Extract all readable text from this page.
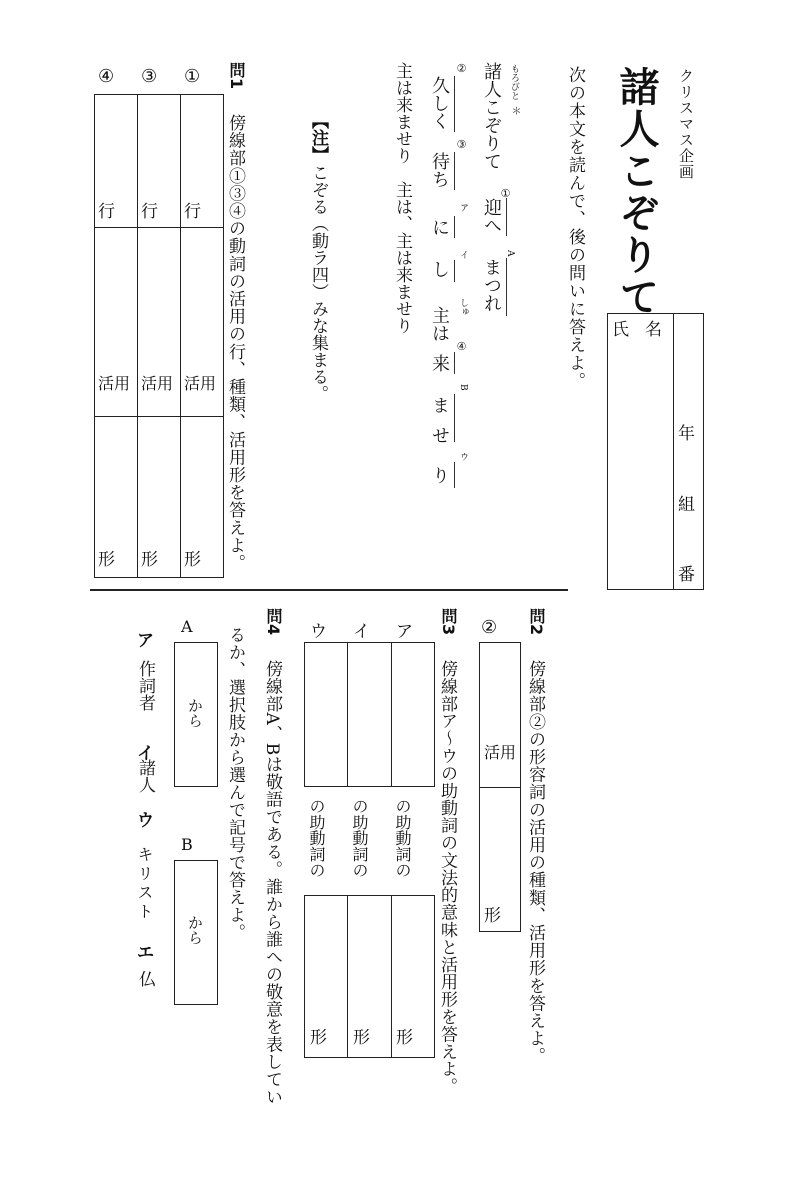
クリスマス企画
諸人こぞりて
次の本文を読んで、後の問いに答えよ。 氏名
年
組
番
もろびと
＊
諸人こぞりて
①
迎へ
A
まつれ
②
久しく
③
待ち
ア
にし イ
しゅ
主は
④
来
B
ませ
ウ
り
主は来ませり　主は、主は来ませり
【注】
こぞる（動ラ四）みな集まる。
問1
傍線部①③④の動詞の活用の行、種類、活用形を答えよ。
①
③
④
行
活用
形
行
活用
形
行
活用
形
問2
傍線部②の形容詞の活用の種類、活用形を答えよ。
②
活用
形
問3
傍線部ア～ウの助動詞の文法的意味と活用形を答えよ。
ア
イ
ウ
の助動詞の
の助動詞の
の助動詞の
形
形
形
問4
傍線部A、Bは敬語である。誰から誰への敬意を表してい
るか、選択肢から選んで記号で答えよ。
A
から
B
から
ア
作詞者
イ
諸人
ウ
キリスト
エ
仏
